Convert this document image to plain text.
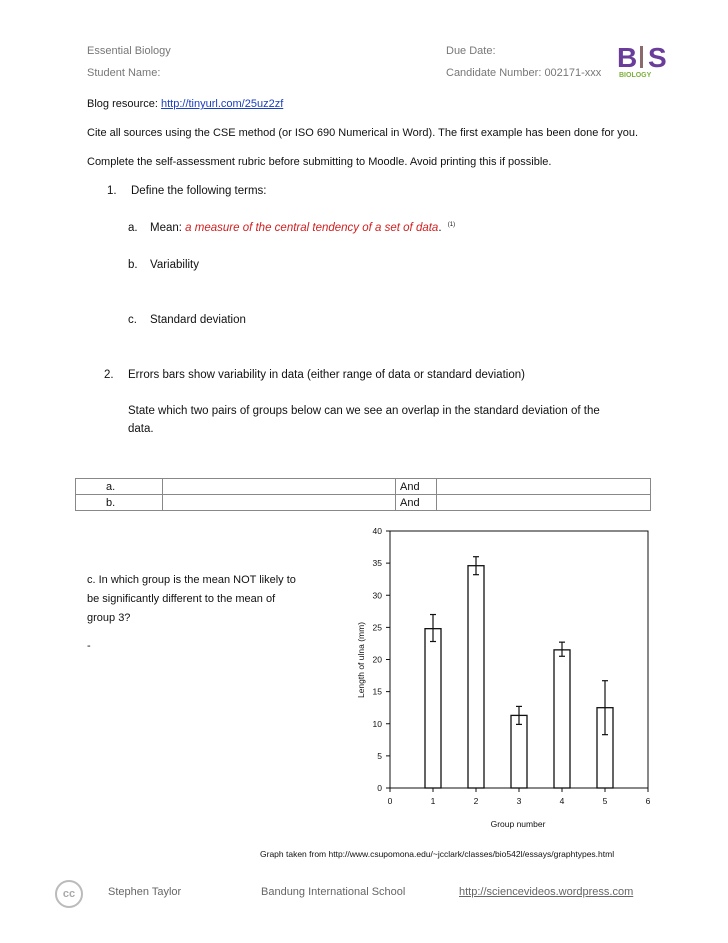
Essential Biology
Student Name:
Due Date:
Candidate Number: 002171-xxx B S
BIOLOGY
Blog resource: http://tinyurl.com/25uz2zf
Cite all sources using the CSE method (or ISO 690 Numerical in Word). The first example has been done for you.
Complete the self-assessment rubric before submitting to Moodle. Avoid printing this if possible.
1. Define the following terms:
a. Mean: a measure of the central tendency of a set of data. $^{(1)}$
b. Variability
c. Standard deviation
2. Errors bars show variability in data (either range of data or standard deviation)
State which two pairs of groups below can we see an overlap in the standard deviation of the
data.
a.		And	
b.		And	
c. In which group is the mean NOT likely to
be significantly different to the mean of
group 3?
-
0
5
10
15
20
25
30
35
40
0	1	2	3	4	5	6
Group number
Length of ulna (mm)
Graph taken from http://www.csupomona.edu/~jcclark/classes/bio542l/essays/graphtypes.html
cc	Stephen Taylor	Bandung International School	http://sciencevideos.wordpress.com
